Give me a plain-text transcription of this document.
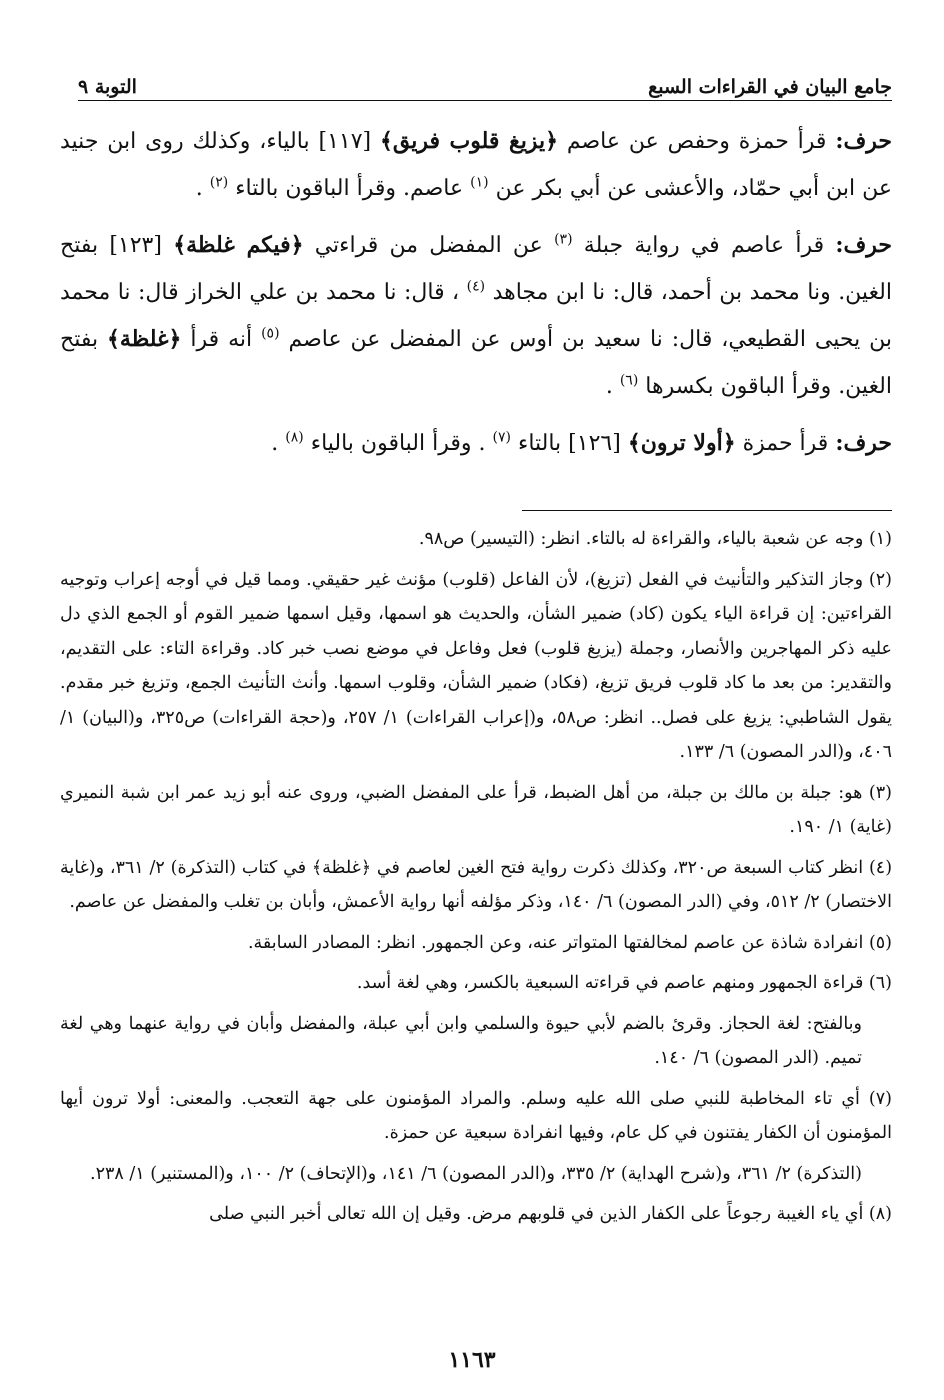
جامع البيان في القراءات السبع
التوبة ٩

حرف: قرأ حمزة وحفص عن عاصم ﴿يزيغ قلوب فريق﴾ [١١٧] بالياء، وكذلك روى ابن جنيد عن ابن أبي حمّاد، والأعشى عن أبي بكر عن $^{(١)}$ عاصم. وقرأ الباقون بالتاء $^{(٢)}$ .

حرف: قرأ عاصم في رواية جبلة $^{(٣)}$ عن المفضل من قراءتي ﴿فيكم غلظة﴾ [١٢٣] بفتح الغين. ونا محمد بن أحمد، قال: نا ابن مجاهد $^{(٤)}$ ، قال: نا محمد بن علي الخراز قال: نا محمد بن يحيى القطيعي، قال: نا سعيد بن أوس عن المفضل عن عاصم $^{(٥)}$ أنه قرأ ﴿غلظة﴾ بفتح الغين. وقرأ الباقون بكسرها $^{(٦)}$ .

حرف: قرأ حمزة ﴿أولا ترون﴾ [١٢٦] بالتاء $^{(٧)}$ . وقرأ الباقون بالياء $^{(٨)}$ .

(١) وجه عن شعبة بالياء، والقراءة له بالتاء. انظر: (التيسير) ص٩٨.

(٢) وجاز التذكير والتأنيث في الفعل (تزيغ)، لأن الفاعل (قلوب) مؤنث غير حقيقي. ومما قيل في أوجه إعراب وتوجيه القراءتين: إن قراءة الياء يكون (كاد) ضمير الشأن، والحديث هو اسمها، وقيل اسمها ضمير القوم أو الجمع الذي دل عليه ذكر المهاجرين والأنصار، وجملة (يزيغ قلوب) فعل وفاعل في موضع نصب خبر كاد. وقراءة التاء: على التقديم، والتقدير: من بعد ما كاد قلوب فريق تزيغ، (فكاد) ضمير الشأن، وقلوب اسمها. وأنث التأنيث الجمع، وتزيغ خبر مقدم. يقول الشاطبي: يزيغ على فصل.. انظر: ص٥٨، و(إعراب القراءات) ١/ ٢٥٧، و(حجة القراءات) ص٣٢٥، و(البيان) ١/ ٤٠٦، و(الدر المصون) ٦/ ١٣٣.

(٣) هو: جبلة بن مالك بن جبلة، من أهل الضبط، قرأ على المفضل الضبي، وروى عنه أبو زيد عمر ابن شبة النميري (غاية) ١/ ١٩٠.

(٤) انظر كتاب السبعة ص٣٢٠، وكذلك ذكرت رواية فتح الغين لعاصم في ﴿غلظة﴾ في كتاب (التذكرة) ٢/ ٣٦١، و(غاية الاختصار) ٢/ ٥١٢، وفي (الدر المصون) ٦/ ١٤٠، وذكر مؤلفه أنها رواية الأعمش، وأبان بن تغلب والمفضل عن عاصم.

(٥) انفرادة شاذة عن عاصم لمخالفتها المتواتر عنه، وعن الجمهور. انظر: المصادر السابقة.

(٦) قراءة الجمهور ومنهم عاصم في قراءته السبعية بالكسر، وهي لغة أسد.

وبالفتح: لغة الحجاز. وقرئ بالضم لأبي حيوة والسلمي وابن أبي عبلة، والمفضل وأبان في رواية عنهما وهي لغة تميم. (الدر المصون) ٦/ ١٤٠.

(٧) أي تاء المخاطبة للنبي صلى الله عليه وسلم. والمراد المؤمنون على جهة التعجب. والمعنى: أولا ترون أيها المؤمنون أن الكفار يفتنون في كل عام، وفيها انفرادة سبعية عن حمزة.

(التذكرة) ٢/ ٣٦١، و(شرح الهداية) ٢/ ٣٣٥، و(الدر المصون) ٦/ ١٤١، و(الإتحاف) ٢/ ١٠٠، و(المستنير) ١/ ٢٣٨.

(٨) أي ياء الغيبة رجوعاً على الكفار الذين في قلوبهم مرض. وقيل إن الله تعالى أخبر النبي صلى

١١٦٣
